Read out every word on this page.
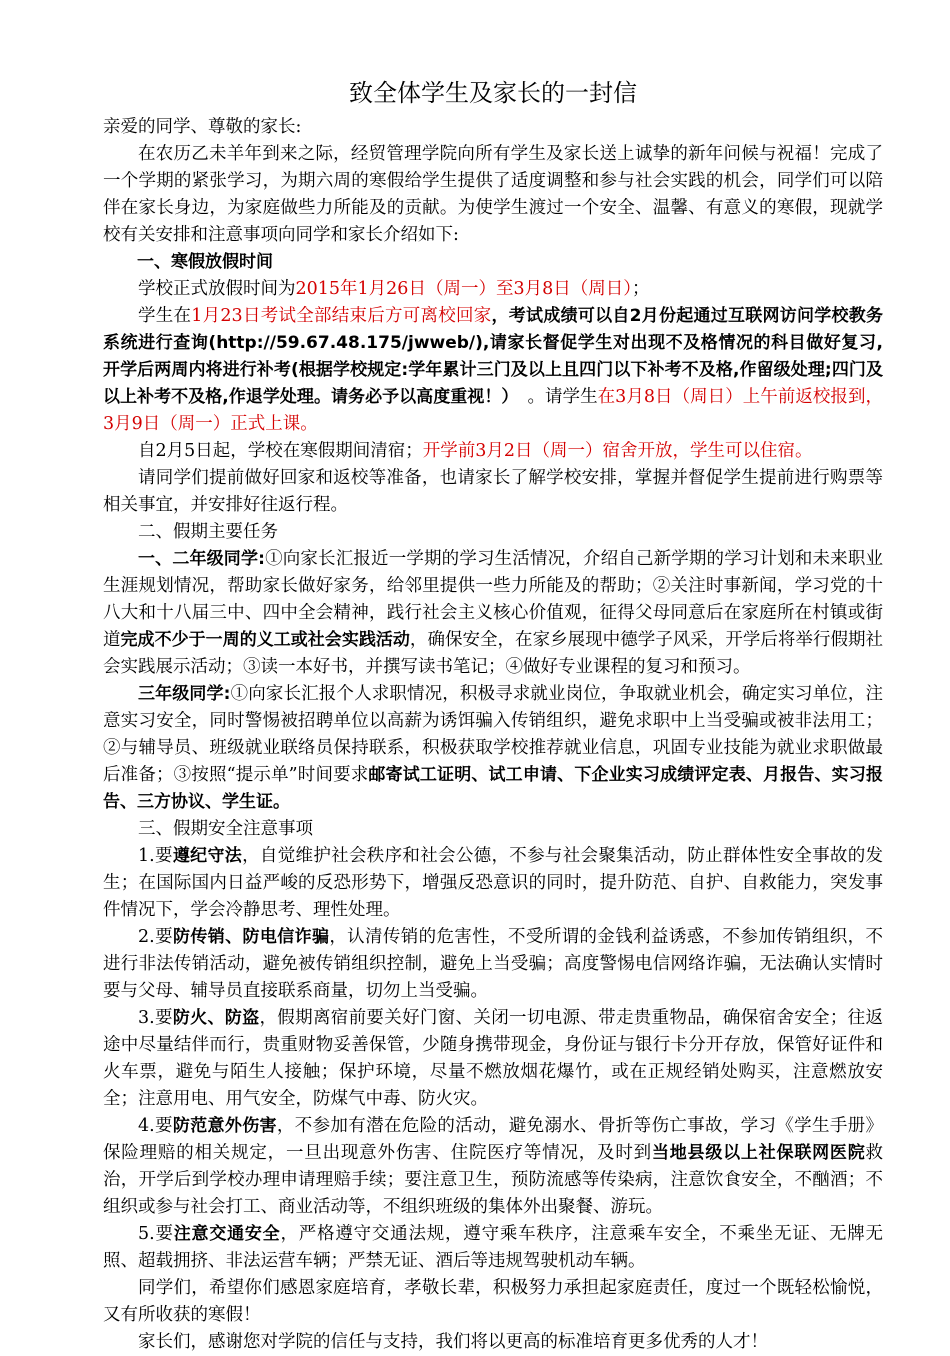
致全体学生及家长的一封信

亲爱的同学、尊敬的家长:

在农历乙未羊年到来之际，经贸管理学院向所有学生及家长送上诚挚的新年问候与祝福！完成了一个学期的紧张学习，为期六周的寒假给学生提供了适度调整和参与社会实践的机会，同学们可以陪伴在家长身边，为家庭做些力所能及的贡献。为使学生渡过一个安全、温馨、有意义的寒假，现就学校有关安排和注意事项向同学和家长介绍如下:

一、寒假放假时间

学校正式放假时间为2015年1月26日（周一）至3月8日（周日）；

学生在1月23日考试全部结束后方可离校回家，考试成绩可以自2月份起通过互联网访问学校教务系统进行查询(http://59.67.48.175/jwweb/),请家长督促学生对出现不及格情况的科目做好复习,开学后两周内将进行补考(根据学校规定:学年累计三门及以上且四门以下补考不及格,作留级处理;四门及以上补考不及格,作退学处理。请务必予以高度重视！）　。请学生在3月8日（周日）上午前返校报到，3月9日（周一）正式上课。

自2月5日起，学校在寒假期间清宿；开学前3月2日（周一）宿舍开放，学生可以住宿。

请同学们提前做好回家和返校等准备，也请家长了解学校安排，掌握并督促学生提前进行购票等相关事宜，并安排好往返行程。

二、假期主要任务

一、二年级同学:①向家长汇报近一学期的学习生活情况，介绍自己新学期的学习计划和未来职业生涯规划情况，帮助家长做好家务，给邻里提供一些力所能及的帮助；②关注时事新闻，学习党的十八大和十八届三中、四中全会精神，践行社会主义核心价值观，征得父母同意后在家庭所在村镇或街道完成不少于一周的义工或社会实践活动，确保安全，在家乡展现中德学子风采，开学后将举行假期社会实践展示活动；③读一本好书，并撰写读书笔记；④做好专业课程的复习和预习。

三年级同学:①向家长汇报个人求职情况，积极寻求就业岗位，争取就业机会，确定实习单位，注意实习安全，同时警惕被招聘单位以高薪为诱饵骗入传销组织，避免求职中上当受骗或被非法用工；②与辅导员、班级就业联络员保持联系，积极获取学校推荐就业信息，巩固专业技能为就业求职做最后准备；③按照“提示单”时间要求邮寄试工证明、试工申请、下企业实习成绩评定表、月报告、实习报告、三方协议、学生证。

三、假期安全注意事项

1.要遵纪守法，自觉维护社会秩序和社会公德，不参与社会聚集活动，防止群体性安全事故的发生；在国际国内日益严峻的反恐形势下，增强反恐意识的同时，提升防范、自护、自救能力，突发事件情况下，学会冷静思考、理性处理。

2.要防传销、防电信诈骗，认清传销的危害性，不受所谓的金钱利益诱惑，不参加传销组织，不进行非法传销活动，避免被传销组织控制，避免上当受骗；高度警惕电信网络诈骗，无法确认实情时要与父母、辅导员直接联系商量，切勿上当受骗。

3.要防火、防盗，假期离宿前要关好门窗、关闭一切电源、带走贵重物品，确保宿舍安全；往返途中尽量结伴而行，贵重财物妥善保管，少随身携带现金，身份证与银行卡分开存放，保管好证件和火车票，避免与陌生人接触；保护环境，尽量不燃放烟花爆竹，或在正规经销处购买，注意燃放安全；注意用电、用气安全，防煤气中毒、防火灾。

4.要防范意外伤害，不参加有潜在危险的活动，避免溺水、骨折等伤亡事故，学习《学生手册》保险理赔的相关规定，一旦出现意外伤害、住院医疗等情况，及时到当地县级以上社保联网医院救治，开学后到学校办理申请理赔手续；要注意卫生，预防流感等传染病，注意饮食安全，不酗酒；不组织或参与社会打工、商业活动等，不组织班级的集体外出聚餐、游玩。

5.要注意交通安全，严格遵守交通法规，遵守乘车秩序，注意乘车安全，不乘坐无证、无牌无照、超载拥挤、非法运营车辆；严禁无证、酒后等违规驾驶机动车辆。

同学们，希望你们感恩家庭培育，孝敬长辈，积极努力承担起家庭责任，度过一个既轻松愉悦，又有所收获的寒假！

家长们，感谢您对学院的信任与支持，我们将以更高的标准培育更多优秀的人才！
